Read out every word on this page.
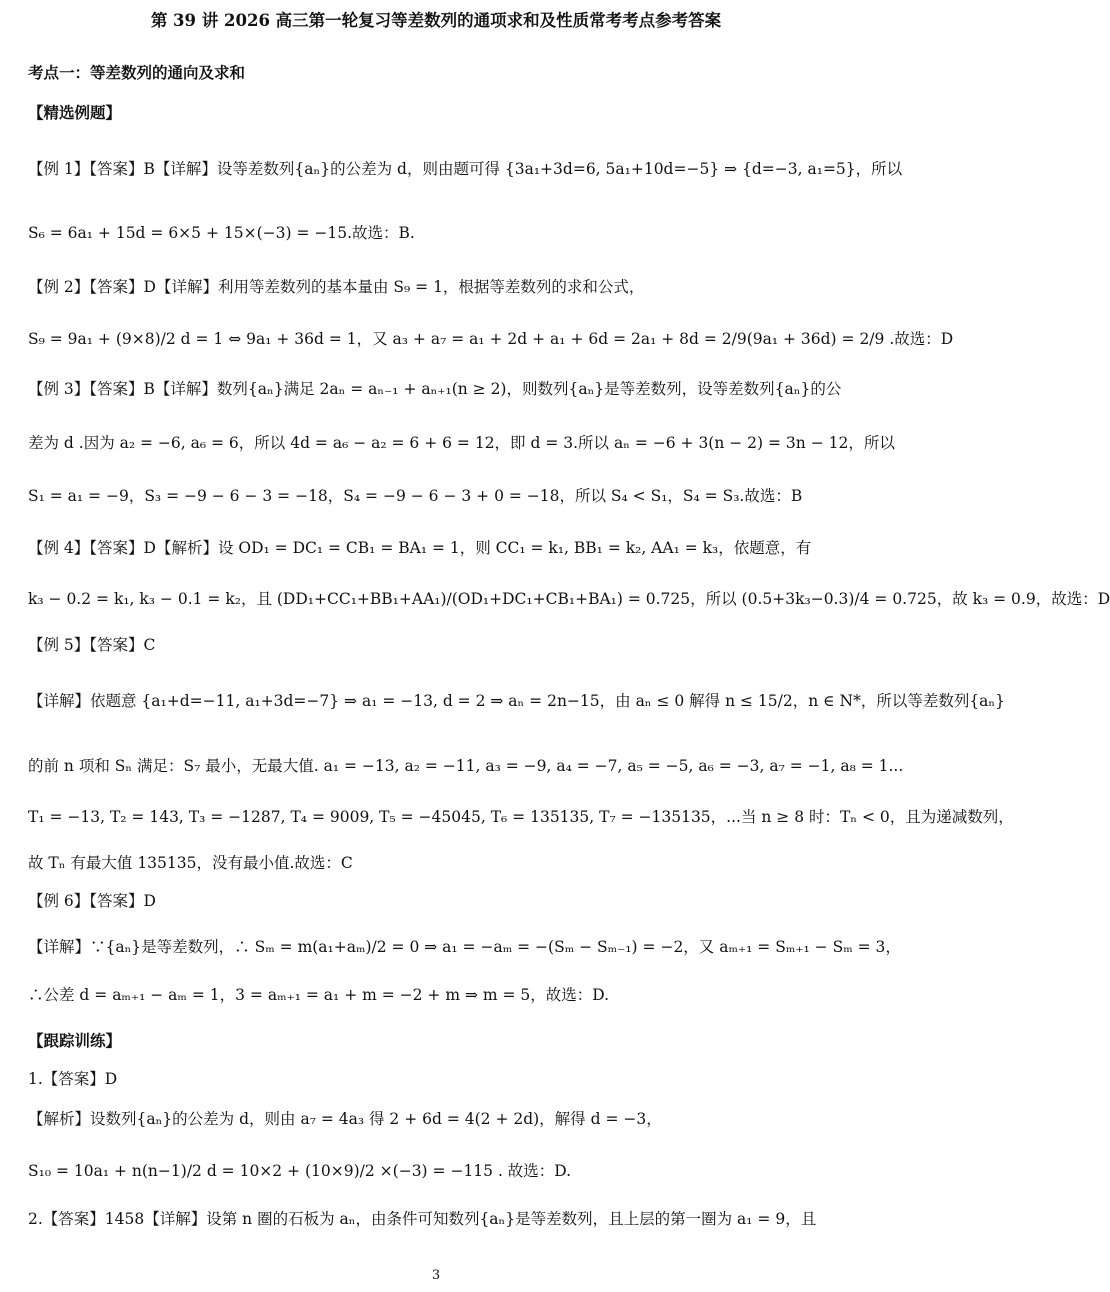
第 39 讲 2026 高三第一轮复习等差数列的通项求和及性质常考考点参考答案
考点一：等差数列的通向及求和
【精选例题】
【例 1】【答案】B【详解】设等差数列{aₙ}的公差为 d，则由题可得 {3a₁+3d=6, 5a₁+10d=−5} ⇒ {d=−3, a₁=5}，所以
S₆ = 6a₁ + 15d = 6×5 + 15×(−3) = −15.故选：B.
【例 2】【答案】D【详解】利用等差数列的基本量由 S₉ = 1，根据等差数列的求和公式，
S₉ = 9a₁ + (9×8)/2 d = 1 ⇔ 9a₁ + 36d = 1，又 a₃ + a₇ = a₁ + 2d + a₁ + 6d = 2a₁ + 8d = 2/9(9a₁ + 36d) = 2/9 .故选：D
【例 3】【答案】B【详解】数列{aₙ}满足 2aₙ = aₙ₋₁ + aₙ₊₁(n ≥ 2)，则数列{aₙ}是等差数列，设等差数列{aₙ}的公
差为 d .因为 a₂ = −6, a₆ = 6，所以 4d = a₆ − a₂ = 6 + 6 = 12，即 d = 3.所以 aₙ = −6 + 3(n − 2) = 3n − 12，所以
S₁ = a₁ = −9，S₃ = −9 − 6 − 3 = −18，S₄ = −9 − 6 − 3 + 0 = −18，所以 S₄ < S₁，S₄ = S₃.故选：B
【例 4】【答案】D【解析】设 OD₁ = DC₁ = CB₁ = BA₁ = 1，则 CC₁ = k₁, BB₁ = k₂, AA₁ = k₃，依题意，有
k₃ − 0.2 = k₁, k₃ − 0.1 = k₂，且 (DD₁+CC₁+BB₁+AA₁)/(OD₁+DC₁+CB₁+BA₁) = 0.725，所以 (0.5+3k₃−0.3)/4 = 0.725，故 k₃ = 0.9，故选：D
【例 5】【答案】C
【详解】依题意 {a₁+d=−11, a₁+3d=−7} ⇒ a₁ = −13, d = 2 ⇒ aₙ = 2n−15，由 aₙ ≤ 0 解得 n ≤ 15/2，n ∈ N*，所以等差数列{aₙ}
的前 n 项和 Sₙ 满足：S₇ 最小，无最大值. a₁ = −13, a₂ = −11, a₃ = −9, a₄ = −7, a₅ = −5, a₆ = −3, a₇ = −1, a₈ = 1...
T₁ = −13, T₂ = 143, T₃ = −1287, T₄ = 9009, T₅ = −45045, T₆ = 135135, T₇ = −135135，...当 n ≥ 8 时：Tₙ < 0，且为递减数列，
故 Tₙ 有最大值 135135，没有最小值.故选：C
【例 6】【答案】D
【详解】∵{aₙ}是等差数列，∴ Sₘ = m(a₁+aₘ)/2 = 0 ⇒ a₁ = −aₘ = −(Sₘ − Sₘ₋₁) = −2，又 aₘ₊₁ = Sₘ₊₁ − Sₘ = 3，
∴公差 d = aₘ₊₁ − aₘ = 1，3 = aₘ₊₁ = a₁ + m = −2 + m ⇒ m = 5，故选：D.
【跟踪训练】
1.【答案】D
【解析】设数列{aₙ}的公差为 d，则由 a₇ = 4a₃ 得 2 + 6d = 4(2 + 2d)，解得 d = −3，
S₁₀ = 10a₁ + n(n−1)/2 d = 10×2 + (10×9)/2 ×(−3) = −115 . 故选：D.
2.【答案】1458【详解】设第 n 圈的石板为 aₙ，由条件可知数列{aₙ}是等差数列，且上层的第一圈为 a₁ = 9，且
3
